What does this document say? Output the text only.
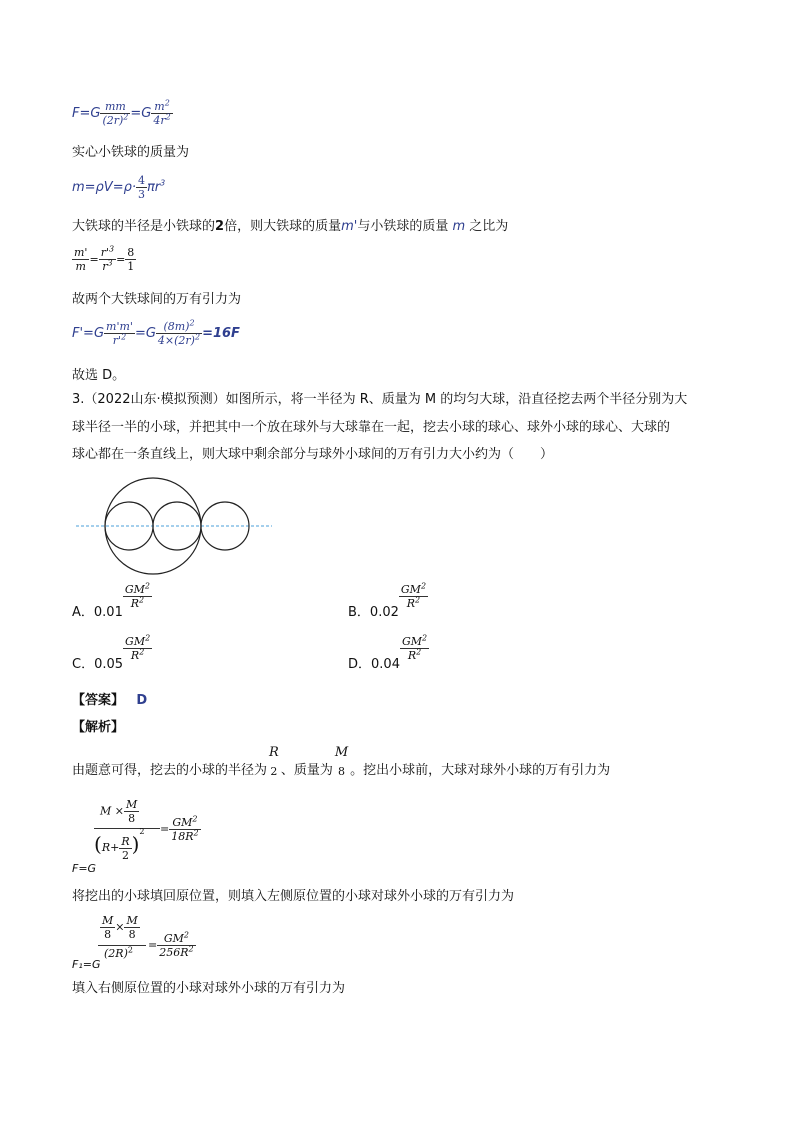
$F=G \frac{mm}{(2r)^2} =G \frac{m^2}{4r^2}$
实心小铁球的质量为
$m=\rho V=\rho\cdot \frac{4}{3} \pi r^3$
大铁球的半径是小铁球的2倍，则大铁球的质量m'与小铁球的质量 m 之比为
$\frac{m'}{m} = \frac{r'^3}{r^3} = \frac{8}{1}$
故两个大铁球间的万有引力为
$F'=G \frac{m'm'}{r'^2} =G \frac{(8m)^2}{4\times(2r)^2} =16F$
故选 D。
3.（2022山东·模拟预测）如图所示，将一半径为 R、质量为 M 的均匀大球，沿直径挖去两个半径分别为大
球半径一半的小球，并把其中一个放在球外与大球靠在一起，挖去小球的球心、球外小球的球心、大球的
球心都在一条直线上，则大球中剩余部分与球外小球间的万有引力大小约为（　　）
A．0.01
$\frac{GM^2}{R^2}$
B．0.02
$\frac{GM^2}{R^2}$
C．0.05
$\frac{GM^2}{R^2}$
D．0.04
$\frac{GM^2}{R^2}$
【答案】 D
【解析】
由题意可得，挖去的小球的半径为
R
2 、质量为
M
8 。挖出小球前，大球对球外小球的万有引力为
$M \times \frac{M}{8}$
$(R+ \frac{R}{2} )^2 = \frac{GM^2}{18R^2}$
F=G
将挖出的小球填回原位置，则填入左侧原位置的小球对球外小球的万有引力为
$\frac{M}{8} \times \frac{M}{8}$
$(2R)^2 = \frac{GM^2}{256R^2}$
F₁=G
填入右侧原位置的小球对球外小球的万有引力为
